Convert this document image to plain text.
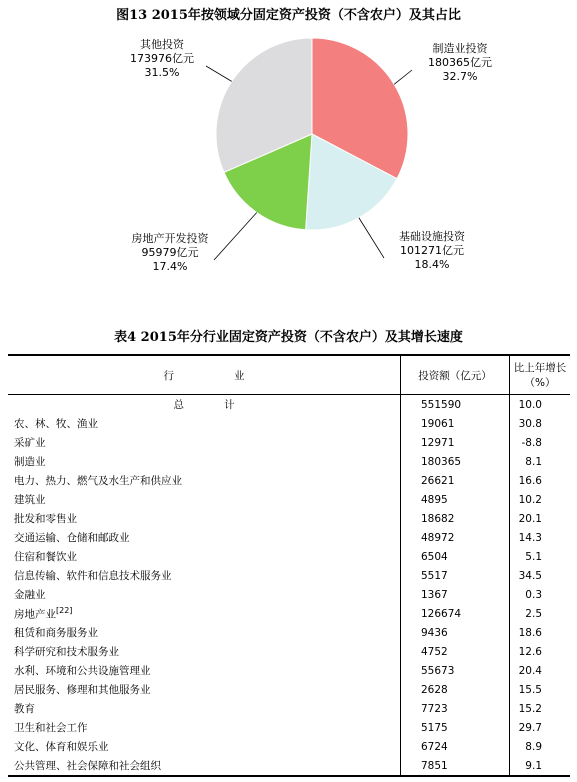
图13 2015年按领域分固定资产投资（不含农户）及其占比
制造业投资
180365亿元
32.7%
基础设施投资
101271亿元
18.4%
房地产开发投资
95979亿元
17.4%
其他投资
173976亿元
31.5%
表4 2015年分行业固定资产投资（不含农户）及其增长速度
行业	投资额（亿元）	比上年增长（%）
总计	551590	10.0
农、林、牧、渔业	19061	30.8
采矿业	12971	-8.8
制造业	180365	8.1
电力、热力、燃气及水生产和供应业	26621	16.6
建筑业	4895	10.2
批发和零售业	18682	20.1
交通运输、仓储和邮政业	48972	14.3
住宿和餐饮业	6504	5.1
信息传输、软件和信息技术服务业	5517	34.5
金融业	1367	0.3
房地产业[22]	126674	2.5
租赁和商务服务业	9436	18.6
科学研究和技术服务业	4752	12.6
水利、环境和公共设施管理业	55673	20.4
居民服务、修理和其他服务业	2628	15.5
教育	7723	15.2
卫生和社会工作	5175	29.7
文化、体育和娱乐业	6724	8.9
公共管理、社会保障和社会组织	7851	9.1
